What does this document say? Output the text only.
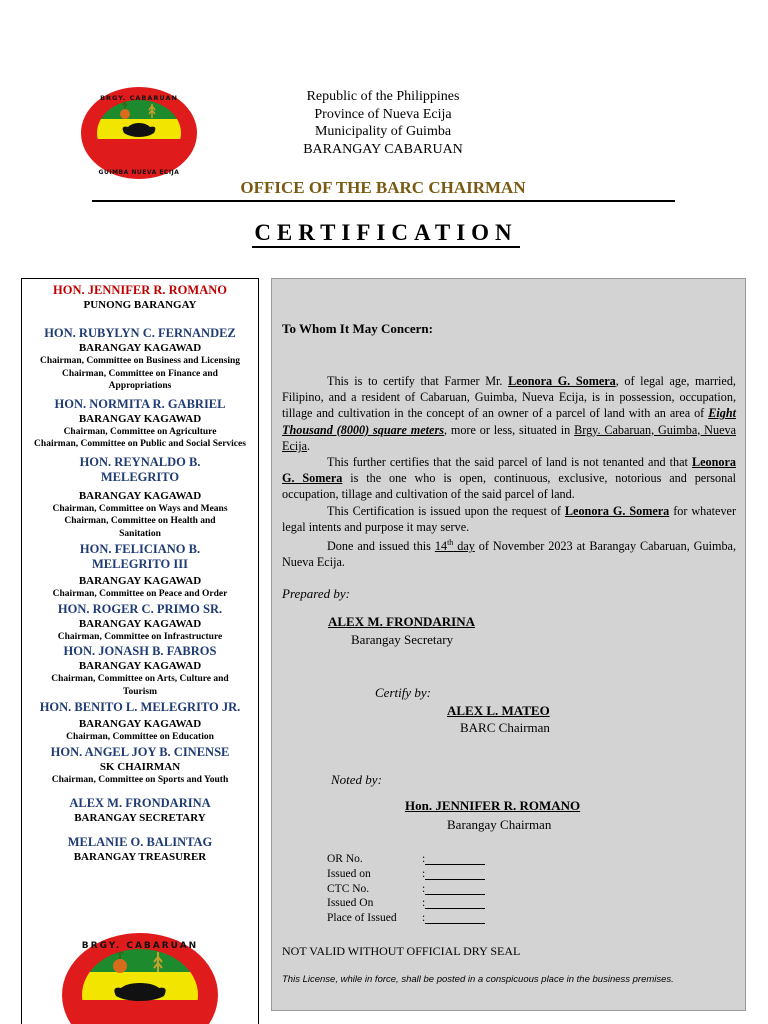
BRGY. CABARUAN
GUIMBA NUEVA ECIJA
Republic of the Philippines
Province of Nueva Ecija
Municipality of Guimba
BARANGAY CABARUAN
OFFICE OF THE BARC CHAIRMAN
CERTIFICATION
HON. JENNIFER R. ROMANO
PUNONG BARANGAY
HON. RUBYLYN C. FERNANDEZ
BARANGAY KAGAWAD
Chairman, Committee on Business and Licensing
Chairman, Committee on Finance and Appropriations
HON. NORMITA R. GABRIEL
BARANGAY KAGAWAD
Chairman, Committee on Agriculture
Chairman, Committee on Public and Social Services
HON. REYNALDO B. MELEGRITO
BARANGAY KAGAWAD
Chairman, Committee on Ways and Means
Chairman, Committee on Health and Sanitation
HON. FELICIANO B. MELEGRITO III
BARANGAY KAGAWAD
Chairman, Committee on Peace and Order
HON. ROGER C. PRIMO SR.
BARANGAY KAGAWAD
Chairman, Committee on Infrastructure
HON. JONASH B. FABROS
BARANGAY KAGAWAD
Chairman, Committee on Arts, Culture and Tourism
HON. BENITO L. MELEGRITO JR.
BARANGAY KAGAWAD
Chairman, Committee on Education
HON. ANGEL JOY B. CINENSE
SK CHAIRMAN
Chairman, Committee on Sports and Youth
ALEX M. FRONDARINA
BARANGAY SECRETARY
MELANIE O. BALINTAG
BARANGAY TREASURER
BRGY. CABARUAN
To Whom It May Concern:

This is to certify that Farmer Mr. Leonora G. Somera, of legal age, married, Filipino, and a resident of Cabaruan, Guimba, Nueva Ecija, is in possession, occupation, tillage and cultivation in the concept of an owner of a parcel of land with an area of Eight Thousand (8000) square meters, more or less, situated in Brgy. Cabaruan, Guimba, Nueva Ecija.

This further certifies that the said parcel of land is not tenanted and that Leonora G. Somera is the one who is open, continuous, exclusive, notorious and personal occupation, tillage and cultivation of the said parcel of land.

This Certification is issued upon the request of Leonora G. Somera for whatever legal intents and purpose it may serve.

Done and issued this 14th day of November 2023 at Barangay Cabaruan, Guimba, Nueva Ecija.

Prepared by:
ALEX M. FRONDARINA
Barangay Secretary
Certify by:
ALEX L. MATEO
BARC Chairman
Noted by:
Hon. JENNIFER R. ROMANO
Barangay Chairman
OR No.	:
Issued on	:
CTC No.	:
Issued On	:
Place of Issued	:
NOT VALID WITHOUT OFFICIAL DRY SEAL
This License, while in force, shall be posted in a conspicuous place in the business premises.
